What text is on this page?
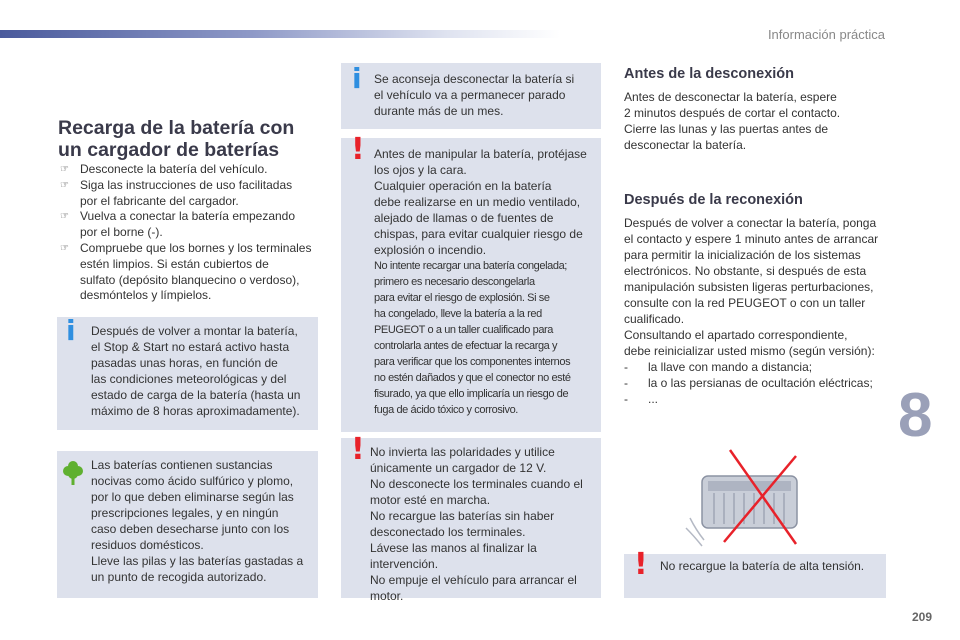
Información práctica
8
209
Recarga de la batería con
un cargador de baterías
☞ Desconecte la batería del vehículo.
☞ Siga las instrucciones de uso facilitadas
por el fabricante del cargador.
☞ Vuelva a conectar la batería empezando
por el borne (-).
☞ Compruebe que los bornes y los terminales
estén limpios. Si están cubiertos de
sulfato (depósito blanquecino o verdoso),
desmóntelos y límpielos.
i Después de volver a montar la batería,
el Stop & Start no estará activo hasta
pasadas unas horas, en función de
las condiciones meteorológicas y del
estado de carga de la batería (hasta un
máximo de 8 horas aproximadamente).
Las baterías contienen sustancias
nocivas como ácido sulfúrico y plomo,
por lo que deben eliminarse según las
prescripciones legales, y en ningún
caso deben desecharse junto con los
residuos domésticos.
Lleve las pilas y las baterías gastadas a
un punto de recogida autorizado.
i Se aconseja desconectar la batería si
el vehículo va a permanecer parado
durante más de un mes.
! Antes de manipular la batería, protéjase
los ojos y la cara.
Cualquier operación en la batería
debe realizarse en un medio ventilado,
alejado de llamas o de fuentes de
chispas, para evitar cualquier riesgo de
explosión o incendio.
No intente recargar una batería congelada;
primero es necesario descongelarla
para evitar el riesgo de explosión. Si se
ha congelado, lleve la batería a la red
PEUGEOT o a un taller cualificado para
controlarla antes de efectuar la recarga y
para verificar que los componentes internos
no estén dañados y que el conector no esté
fisurado, ya que ello implicaría un riesgo de
fuga de ácido tóxico y corrosivo.
! No invierta las polaridades y utilice
únicamente un cargador de 12 V.
No desconecte los terminales cuando el
motor esté en marcha.
No recargue las baterías sin haber
desconectado los terminales.
Lávese las manos al finalizar la
intervención.
No empuje el vehículo para arrancar el
motor.
Antes de la desconexión
Antes de desconectar la batería, espere
2 minutos después de cortar el contacto.
Cierre las lunas y las puertas antes de
desconectar la batería.
Después de la reconexión
Después de volver a conectar la batería, ponga
el contacto y espere 1 minuto antes de arrancar
para permitir la inicialización de los sistemas
electrónicos. No obstante, si después de esta
manipulación subsisten ligeras perturbaciones,
consulte con la red PEUGEOT o con un taller
cualificado.
Consultando el apartado correspondiente,
debe reinicializar usted mismo (según versión):
- la llave con mando a distancia;
- la o las persianas de ocultación eléctricas;
- ...
! No recargue la batería de alta tensión.
